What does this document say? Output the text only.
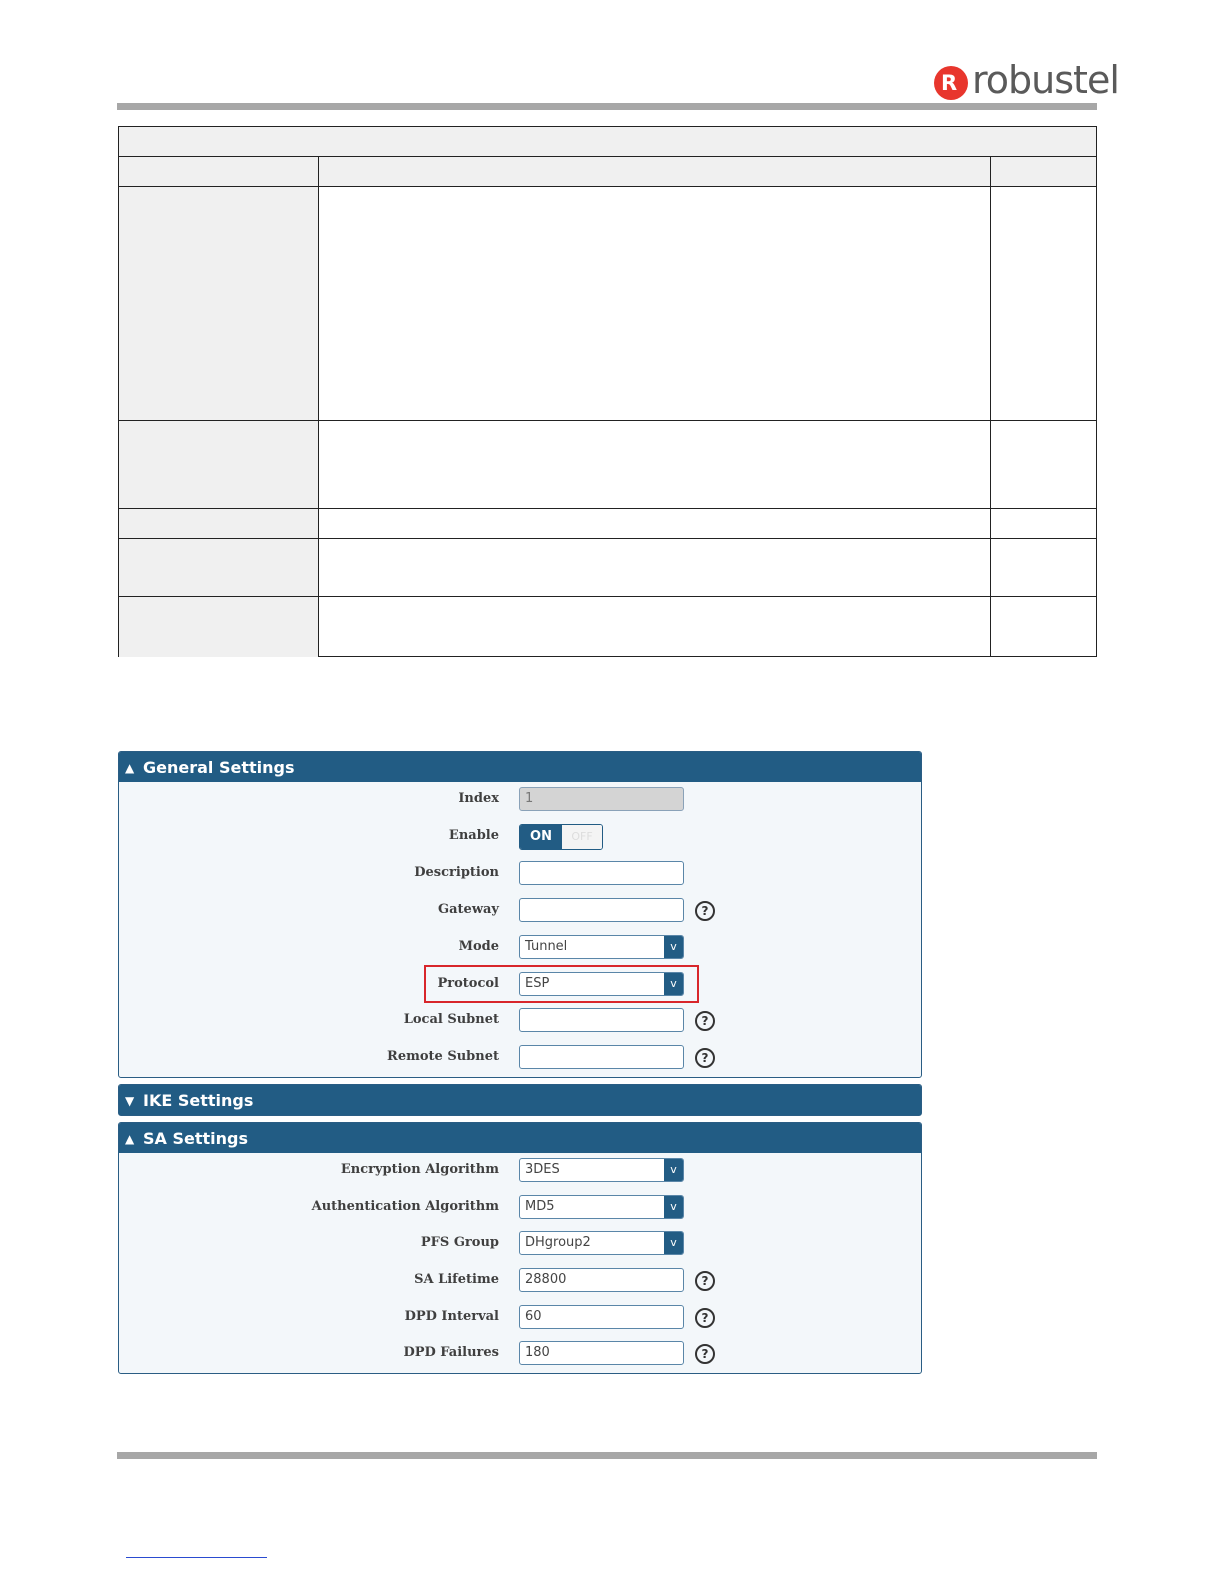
R robustel
▲ General Settings
Index	1
Enable	ON	OFF
Description
Gateway	?
Mode	Tunnel	v
Protocol	ESP	v
Local Subnet	?
Remote Subnet	?
▼ IKE Settings
▲ SA Settings
Encryption Algorithm	3DES	v
Authentication Algorithm	MD5	v
PFS Group	DHgroup2	v
SA Lifetime	28800	?
DPD Interval	60	?
DPD Failures	180	?
